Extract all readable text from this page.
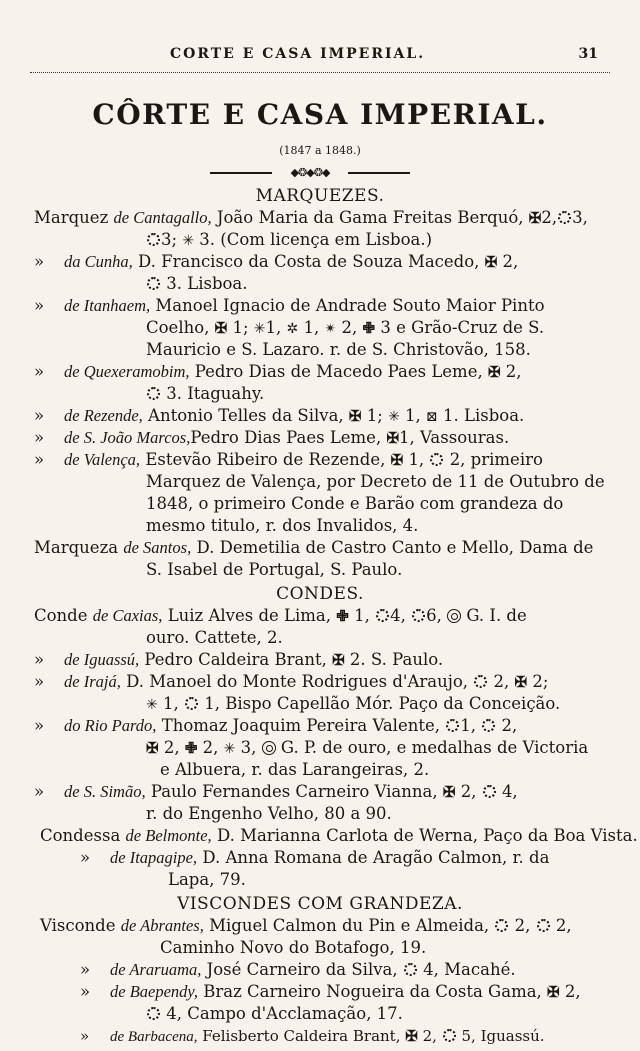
CORTE E CASA IMPERIAL.	31
CÔRTE E CASA IMPERIAL.
(1847 a 1848.)
◆❂◆❂◆
MARQUEZES.
Marquez de Cantagallo, João Maria da Gama Freitas Berquó, ✠2, 3,
3; ✳ 3. (Com licença em Lisboa.)
» da Cunha, D. Francisco da Costa de Souza Macedo, ✠ 2,
3. Lisboa.
» de Itanhaem, Manoel Ignacio de Andrade Souto Maior Pinto
Coelho, ✠ 1; ✳1, ✲ 1, ✴ 2, ✙ 3 e Grão-Cruz de S.
Mauricio e S. Lazaro. r. de S. Christovão, 158.
» de Quexeramobim, Pedro Dias de Macedo Paes Leme, ✠ 2,
3. Itaguahy.
» de Rezende, Antonio Telles da Silva, ✠ 1; ✳ 1, ⊠ 1. Lisboa.
» de S. João Marcos,Pedro Dias Paes Leme, ✠1, Vassouras.
» de Valença, Estevão Ribeiro de Rezende, ✠ 1, 2, primeiro
Marquez de Valença, por Decreto de 11 de Outubro de
1848, o primeiro Conde e Barão com grandeza do
mesmo titulo, r. dos Invalidos, 4.
Marqueza de Santos, D. Demetilia de Castro Canto e Mello, Dama de
S. Isabel de Portugal, S. Paulo.
CONDES.
Conde de Caxias, Luiz Alves de Lima, ✙ 1, 4, 6, G. I. de
ouro. Cattete, 2.
» de Iguassú, Pedro Caldeira Brant, ✠ 2. S. Paulo.
» de Irajá, D. Manoel do Monte Rodrigues d'Araujo, 2, ✠ 2;
✳ 1, 1, Bispo Capellão Mór. Paço da Conceição.
» do Rio Pardo, Thomaz Joaquim Pereira Valente, 1, 2,
✠ 2, ✙ 2, ✳ 3, G. P. de ouro, e medalhas de Victoria
e Albuera, r. das Larangeiras, 2.
» de S. Simão, Paulo Fernandes Carneiro Vianna, ✠ 2, 4,
r. do Engenho Velho, 80 a 90.
Condessa de Belmonte, D. Marianna Carlota de Werna, Paço da Boa Vista.
» de Itapagipe, D. Anna Romana de Aragão Calmon, r. da
Lapa, 79.
VISCONDES COM GRANDEZA.
Visconde de Abrantes, Miguel Calmon du Pin e Almeida, 2, 2,
Caminho Novo do Botafogo, 19.
» de Araruama, José Carneiro da Silva, 4, Macahé.
» de Baependy, Braz Carneiro Nogueira da Costa Gama, ✠ 2,
4, Campo d'Acclamação, 17.
» de Barbacena, Felisberto Caldeira Brant, ✠ 2, 5, Iguassú.
